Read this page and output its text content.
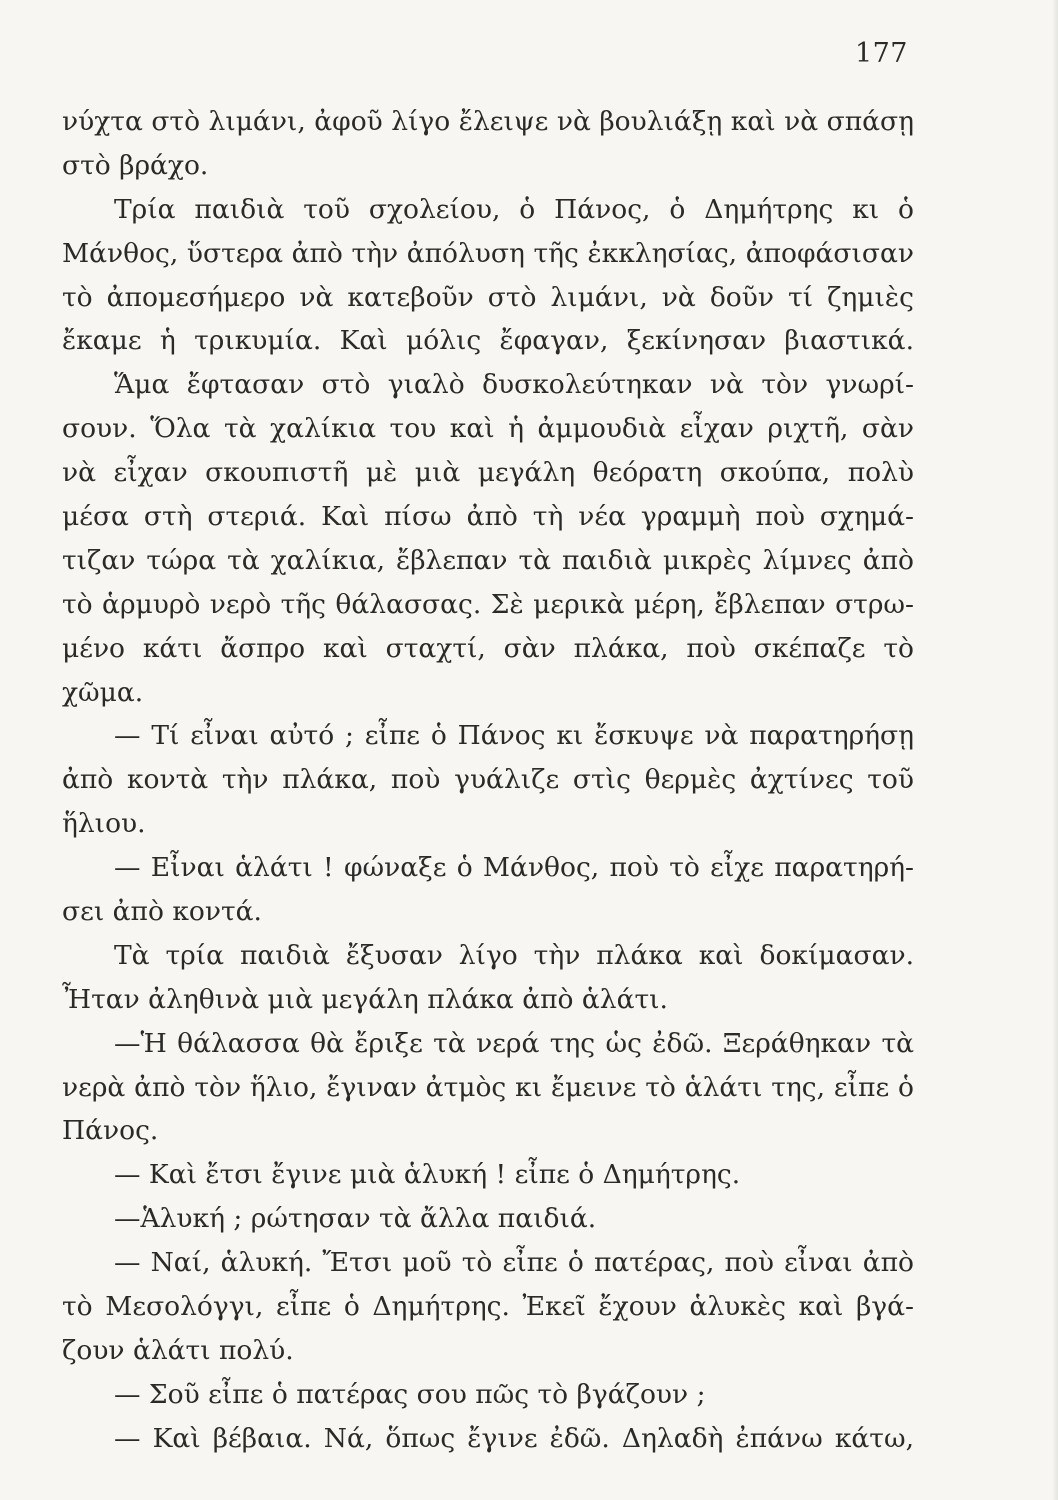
177
νύχτα στὸ λιμάνι, ἀφοῦ λίγο ἔλειψε νὰ βουλιάξῃ καὶ νὰ σπάσῃ
στὸ βράχο.
Τρία παιδιὰ τοῦ σχολείου, ὁ Πάνος, ὁ Δημήτρης κι ὁ
Μάνθος, ὕστερα ἀπὸ τὴν ἀπόλυση τῆς ἐκκλησίας, ἀποφάσισαν
τὸ ἀπομεσήμερο νὰ κατεβοῦν στὸ λιμάνι, νὰ δοῦν τί ζημιὲς
ἔκαμε ἡ τρικυμία. Καὶ μόλις ἔφαγαν, ξεκίνησαν βιαστικά.
Ἅμα ἔφτασαν στὸ γιαλὸ δυσκολεύτηκαν νὰ τὸν γνωρί-
σουν. Ὅλα τὰ χαλίκια του καὶ ἡ ἀμμουδιὰ εἶχαν ριχτῆ, σὰν
νὰ εἶχαν σκουπιστῆ μὲ μιὰ μεγάλη θεόρατη σκούπα, πολὺ
μέσα στὴ στεριά. Καὶ πίσω ἀπὸ τὴ νέα γραμμὴ ποὺ σχημά-
τιζαν τώρα τὰ χαλίκια, ἔβλεπαν τὰ παιδιὰ μικρὲς λίμνες ἀπὸ
τὸ ἁρμυρὸ νερὸ τῆς θάλασσας. Σὲ μερικὰ μέρη, ἔβλεπαν στρω-
μένο κάτι ἄσπρο καὶ σταχτί, σὰν πλάκα, ποὺ σκέπαζε τὸ
χῶμα.
— Τί εἶναι αὐτό ; εἶπε ὁ Πάνος κι ἔσκυψε νὰ παρατηρήσῃ
ἀπὸ κοντὰ τὴν πλάκα, ποὺ γυάλιζε στὶς θερμὲς ἀχτίνες τοῦ
ἥλιου.
— Εἶναι ἁλάτι ! φώναξε ὁ Μάνθος, ποὺ τὸ εἶχε παρατηρή-
σει ἀπὸ κοντά.
Τὰ τρία παιδιὰ ἔξυσαν λίγο τὴν πλάκα καὶ δοκίμασαν.
Ἦταν ἀληθινὰ μιὰ μεγάλη πλάκα ἀπὸ ἁλάτι.
—Ἡ θάλασσα θὰ ἔριξε τὰ νερά της ὡς ἐδῶ. Ξεράθηκαν τὰ
νερὰ ἀπὸ τὸν ἥλιο, ἔγιναν ἀτμὸς κι ἔμεινε τὸ ἁλάτι της, εἶπε ὁ
Πάνος.
— Καὶ ἔτσι ἔγινε μιὰ ἁλυκή ! εἶπε ὁ Δημήτρης.
—Ἁλυκή ; ρώτησαν τὰ ἄλλα παιδιά.
— Ναί, ἁλυκή. Ἔτσι μοῦ τὸ εἶπε ὁ πατέρας, ποὺ εἶναι ἀπὸ
τὸ Μεσολόγγι, εἶπε ὁ Δημήτρης. Ἐκεῖ ἔχουν ἁλυκὲς καὶ βγά-
ζουν ἁλάτι πολύ.
— Σοῦ εἶπε ὁ πατέρας σου πῶς τὸ βγάζουν ;
— Καὶ βέβαια. Νά, ὅπως ἔγινε ἐδῶ. Δηλαδὴ ἐπάνω κάτω,
